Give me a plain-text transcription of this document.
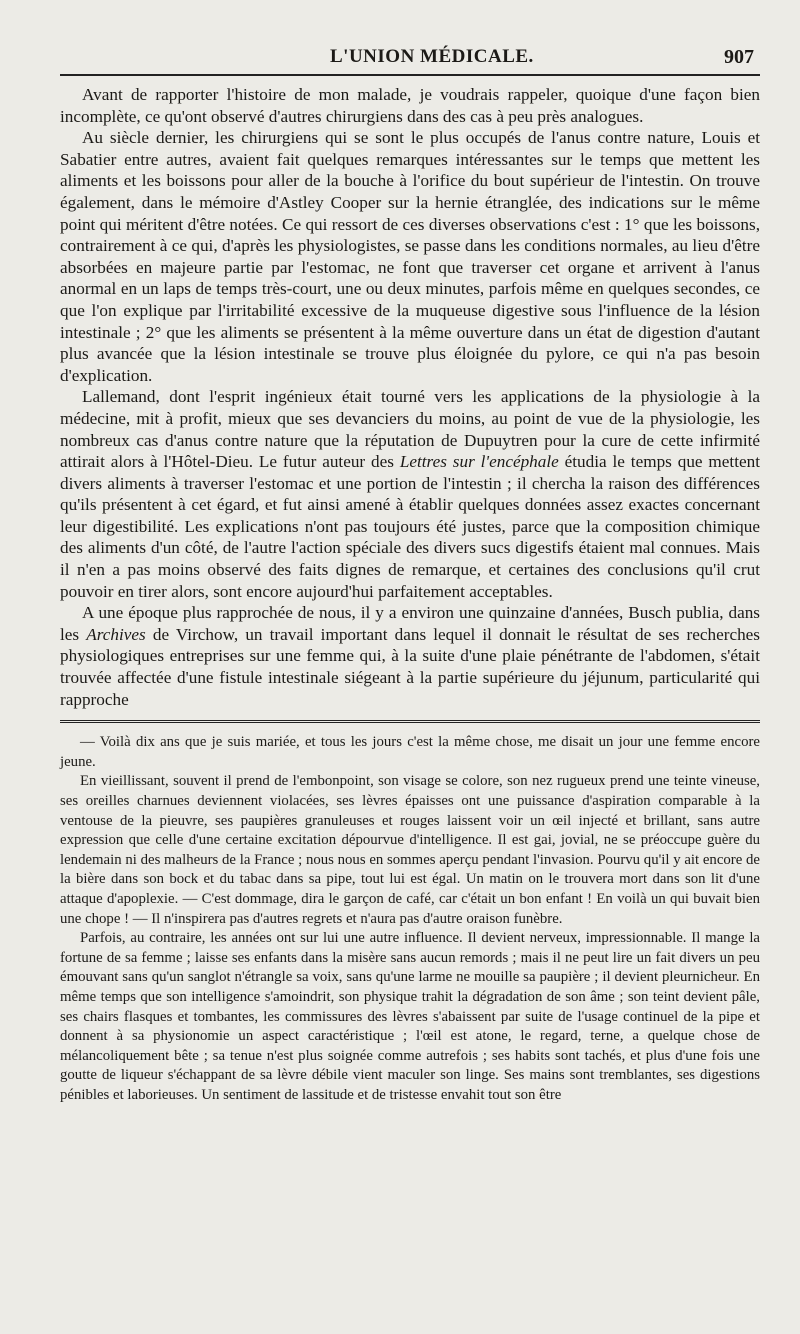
L'UNION MÉDICALE.	907

Avant de rapporter l'histoire de mon malade, je voudrais rappeler, quoique d'une façon bien incomplète, ce qu'ont observé d'autres chirurgiens dans des cas à peu près analogues.

Au siècle dernier, les chirurgiens qui se sont le plus occupés de l'anus contre nature, Louis et Sabatier entre autres, avaient fait quelques remarques intéressantes sur le temps que mettent les aliments et les boissons pour aller de la bouche à l'orifice du bout supérieur de l'intestin. On trouve également, dans le mémoire d'Astley Cooper sur la hernie étranglée, des indications sur le même point qui méritent d'être notées. Ce qui ressort de ces diverses observations c'est : 1° que les boissons, contrairement à ce qui, d'après les physiologistes, se passe dans les conditions normales, au lieu d'être absorbées en majeure partie par l'estomac, ne font que traverser cet organe et arrivent à l'anus anormal en un laps de temps très-court, une ou deux minutes, parfois même en quelques secondes, ce que l'on explique par l'irritabilité excessive de la muqueuse digestive sous l'influence de la lésion intestinale ; 2° que les aliments se présentent à la même ouverture dans un état de digestion d'autant plus avancée que la lésion intestinale se trouve plus éloignée du pylore, ce qui n'a pas besoin d'explication.

Lallemand, dont l'esprit ingénieux était tourné vers les applications de la physiologie à la médecine, mit à profit, mieux que ses devanciers du moins, au point de vue de la physiologie, les nombreux cas d'anus contre nature que la réputation de Dupuytren pour la cure de cette infirmité attirait alors à l'Hôtel-Dieu. Le futur auteur des Lettres sur l'encéphale étudia le temps que mettent divers aliments à traverser l'estomac et une portion de l'intestin ; il chercha la raison des différences qu'ils présentent à cet égard, et fut ainsi amené à établir quelques données assez exactes concernant leur digestibilité. Les explications n'ont pas toujours été justes, parce que la composition chimique des aliments d'un côté, de l'autre l'action spéciale des divers sucs digestifs étaient mal connues. Mais il n'en a pas moins observé des faits dignes de remarque, et certaines des conclusions qu'il crut pouvoir en tirer alors, sont encore aujourd'hui parfaitement acceptables.

A une époque plus rapprochée de nous, il y a environ une quinzaine d'années, Busch publia, dans les Archives de Virchow, un travail important dans lequel il donnait le résultat de ses recherches physiologiques entreprises sur une femme qui, à la suite d'une plaie pénétrante de l'abdomen, s'était trouvée affectée d'une fistule intestinale siégeant à la partie supérieure du jéjunum, particularité qui rapproche

— Voilà dix ans que je suis mariée, et tous les jours c'est la même chose, me disait un jour une femme encore jeune.

En vieillissant, souvent il prend de l'embonpoint, son visage se colore, son nez rugueux prend une teinte vineuse, ses oreilles charnues deviennent violacées, ses lèvres épaisses ont une puissance d'aspiration comparable à la ventouse de la pieuvre, ses paupières granuleuses et rouges laissent voir un œil injecté et brillant, sans autre expression que celle d'une certaine excitation dépourvue d'intelligence. Il est gai, jovial, ne se préoccupe guère du lendemain ni des malheurs de la France ; nous nous en sommes aperçu pendant l'invasion. Pourvu qu'il y ait encore de la bière dans son bock et du tabac dans sa pipe, tout lui est égal. Un matin on le trouvera mort dans son lit d'une attaque d'apoplexie. — C'est dommage, dira le garçon de café, car c'était un bon enfant ! En voilà un qui buvait bien une chope ! — Il n'inspirera pas d'autres regrets et n'aura pas d'autre oraison funèbre.

Parfois, au contraire, les années ont sur lui une autre influence. Il devient nerveux, impressionnable. Il mange la fortune de sa femme ; laisse ses enfants dans la misère sans aucun remords ; mais il ne peut lire un fait divers un peu émouvant sans qu'un sanglot n'étrangle sa voix, sans qu'une larme ne mouille sa paupière ; il devient pleurnicheur. En même temps que son intelligence s'amoindrit, son physique trahit la dégradation de son âme ; son teint devient pâle, ses chairs flasques et tombantes, les commissures des lèvres s'abaissent par suite de l'usage continuel de la pipe et donnent à sa physionomie un aspect caractéristique ; l'œil est atone, le regard, terne, a quelque chose de mélancoliquement bête ; sa tenue n'est plus soignée comme autrefois ; ses habits sont tachés, et plus d'une fois une goutte de liqueur s'échappant de sa lèvre débile vient maculer son linge. Ses mains sont tremblantes, ses digestions pénibles et laborieuses. Un sentiment de lassitude et de tristesse envahit tout son être
